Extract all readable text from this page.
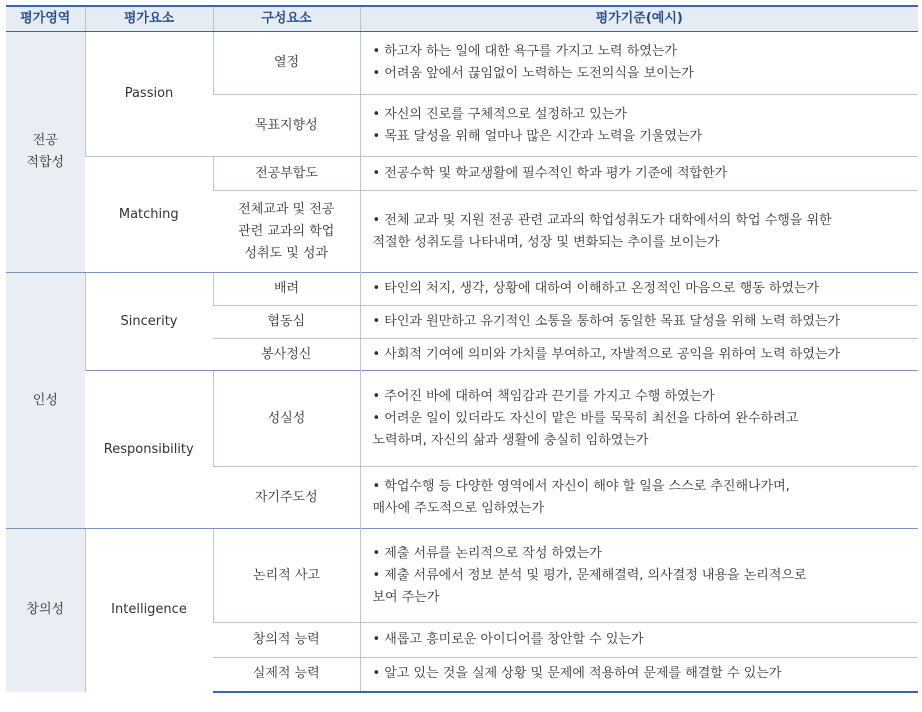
평가영역	평가요소	구성요소	평가기준(예시)

전공
적합성	Passion	열정	• 하고자 하는 일에 대한 욕구를 가지고 노력 하였는가
• 어려움 앞에서 끊임없이 노력하는 도전의식을 보이는가

		목표지향성	• 자신의 진로를 구체적으로 설정하고 있는가
• 목표 달성을 위해 얼마나 많은 시간과 노력을 기울였는가

	Matching	전공부합도	• 전공수학 및 학교생활에 필수적인 학과 평가 기준에 적합한가

		전체교과 및 전공
관련 교과의 학업
성취도 및 성과	• 전체 교과 및 지원 전공 관련 교과의 학업성취도가 대학에서의 학업 수행을 위한
적절한 성취도를 나타내며, 성장 및 변화되는 추이를 보이는가

인성	Sincerity	배려	• 타인의 처지, 생각, 상황에 대하여 이해하고 온정적인 마음으로 행동 하였는가

		협동심	• 타인과 원만하고 유기적인 소통을 통하여 동일한 목표 달성을 위해 노력 하였는가

		봉사정신	• 사회적 기여에 의미와 가치를 부여하고, 자발적으로 공익을 위하여 노력 하였는가

	Responsibility	성실성	• 주어진 바에 대하여 책임감과 끈기를 가지고 수행 하였는가
• 어려운 일이 있더라도 자신이 맡은 바를 묵묵히 최선을 다하여 완수하려고
노력하며, 자신의 삶과 생활에 충실히 임하였는가

		자기주도성	• 학업수행 등 다양한 영역에서 자신이 해야 할 일을 스스로 추진해나가며,
매사에 주도적으로 임하였는가

창의성	Intelligence	논리적 사고	• 제출 서류를 논리적으로 작성 하였는가
• 제출 서류에서 정보 분석 및 평가, 문제해결력, 의사결정 내용을 논리적으로
보여 주는가

		창의적 능력	• 새롭고 흥미로운 아이디어를 창안할 수 있는가

		실제적 능력	• 알고 있는 것을 실제 상황 및 문제에 적용하여 문제를 해결할 수 있는가
